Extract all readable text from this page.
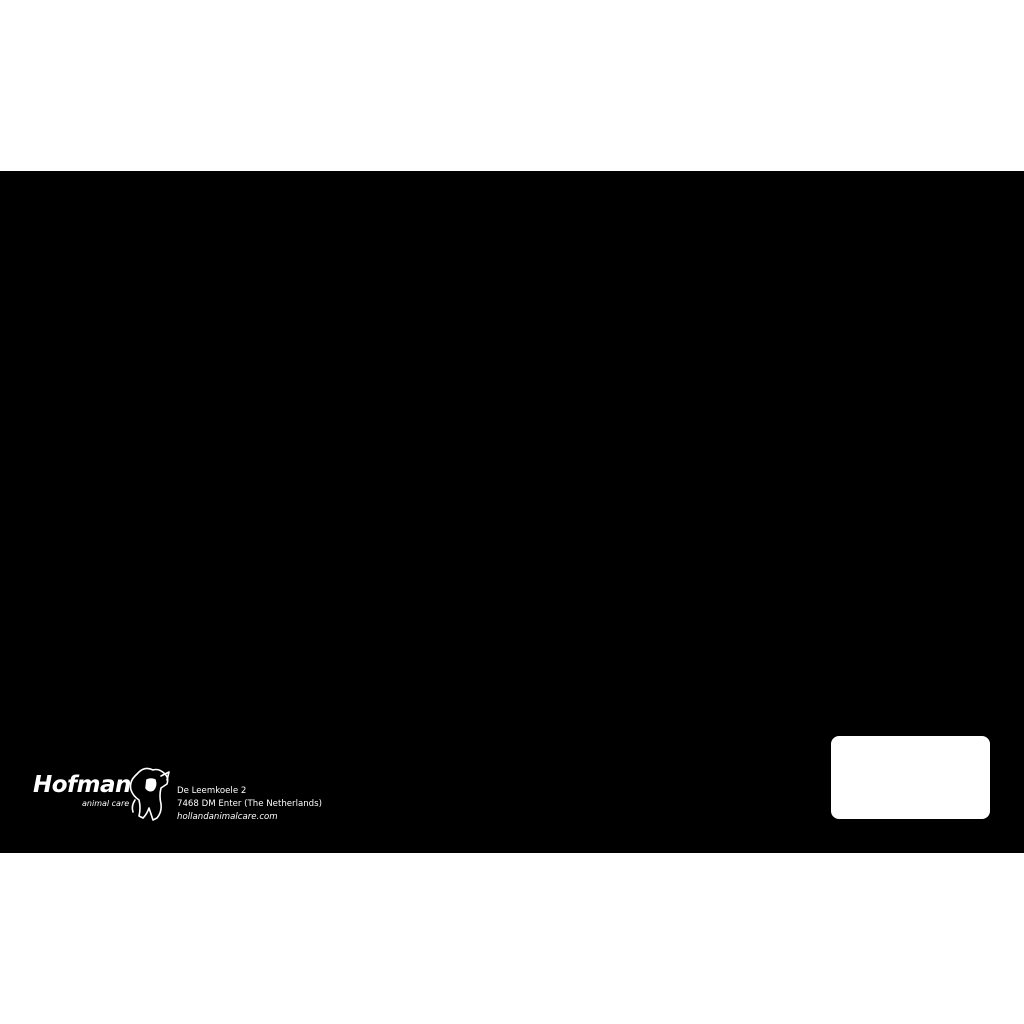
Sweet Blocks Apple

NL Aanvullend diervoeder voor paarden.

Voederadvies: Tot 200 gram per dier per dag.

Samenstelling: Tarwezemelen; haverschillen; calciumcarbonaat; luzernemeel;

5,0% appelpulp (gedroogd); suikerrietmelasse; gerst; maïs; 0,1% appelstukjes

(gedroogd).

Analytische bestanddelen: Ruwe celstof 15,4%; ruwe as 12,2%; ruw eiwit 9,6%;

ruw vet 3,2%; calcium 3,0%; fosfor 0,6%; natrium 0,1%.

Bewaring: Koel en droog < 25°C. Buiten direct zonlicht. Verpakking sluiten na

elk gebruik. Ten minste houdbaar tot: zie barcode.

DE Ergänzungsfuttermittel für Pferde.

Fütterungsempfehlung: Bis zu 200 Gramm pro Tier pro Tag.

Zusammensetzung: Weizenkleie; Haferschälkleie; Calciumcarbonat;

Luzernemehl; 5,0% Apfeltrester (getrocknet); Zuckerrohrmelasse; Gerste; Mais;

0,1% Apfelstücke (getrocknet).

Analytische Bestandteile: Rohfaser 15,4%; Rohasche 12,2%; Rohprotein 9,6%;

Rohfett 3,2%; Calcium 3,0%; Phosphor 0,6%; Natrium 0,1%.

Lagerung: Kühl und trocken < 25°C. Vor direkter Sonneneinstrahlung schützen.

Verpackung schließen nach jedem Gebrauch. Mindestens haltbar bis: siehe

Barcode.

EN Complementary feed for horses.

Feed instructions: Up to 200 grams per animal per day.

Composition: Wheat bran; oat hulls; calcium carbonate; lucerne meal;

5.0% apple pomace (dried); sugar cane molasses; barley; maize;

0.1% apple pieces (dried).

Analytical constituents: Crude fibre 15.4%; crude ash 12.2%;

crude protein 9.6%; crude fat 3.2%; calcium 3.0%; phosphorus 0.6%; sodium 0.1%.

Storage: Cool and dry < 25°C. Out of direct sunlight. Close packaging after

each use. Best before: see barcode.

FR Aliment complémentaire pour des chevaux.

Instructions d’alimentation: Donner jusqu’à 200 grammes par animal par jour.

Composition: Son de blé; son d’avoine; carbonate de calcium; farine de luzerne;

5,0% marc de pomme (séché); mélasse de canne à sucre; orge; maïs;

0,1% morceaux de pomme (séchées).

Constituants analytiques: Cellulose brute 15,4%; cendres brutes 12,2%;

protéine brute 9,6%; matières grasses brutes 3,2%; calcium 3,0%; phosphore 0,6%;

sodium 0,1%.

Conservation: Dans un endroit frais et sec < 25°C. À l’abri des rayons directs du

soleil. Fermer l’emballage après chaque utilisation. À utiliser de préférence avant:

voir code-barres.

Registration number NVWA: NL17352.

Produced by HACCP guidelines.

Hofman
animal care
De Leemkoele 2
7468 DM Enter (The Netherlands)
hollandanimalcare.com
